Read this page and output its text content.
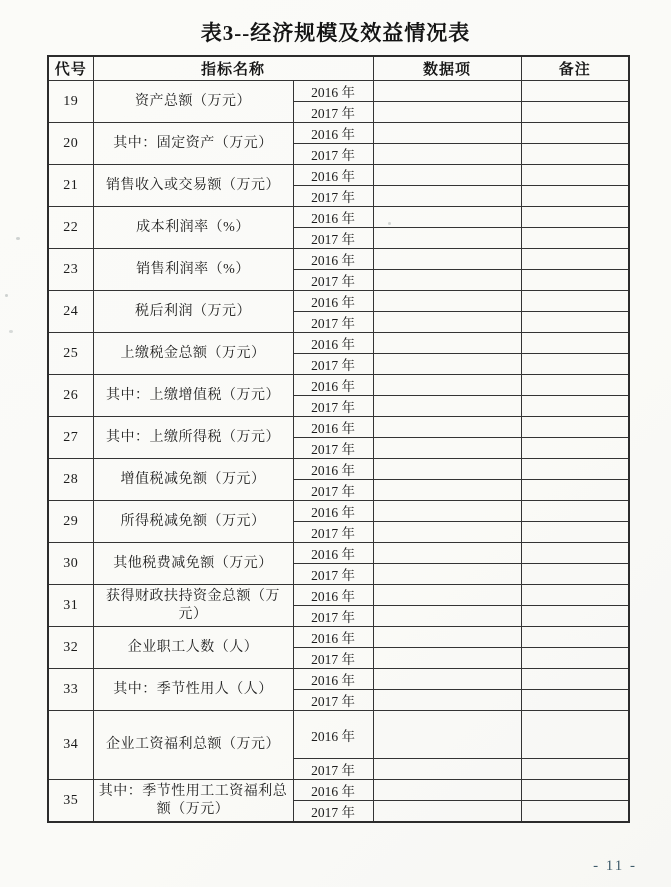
表3--经济规模及效益情况表
代号	指标名称		数据项	备注
19	资产总额（万元）	2016 年		
		2017 年		
20	其中：固定资产（万元）	2016 年		
		2017 年		
21	销售收入或交易额（万元）	2016 年		
		2017 年		
22	成本利润率（%）	2016 年		
		2017 年		
23	销售利润率（%）	2016 年		
		2017 年		
24	税后利润（万元）	2016 年		
		2017 年		
25	上缴税金总额（万元）	2016 年		
		2017 年		
26	其中：上缴增值税（万元）	2016 年		
		2017 年		
27	其中：上缴所得税（万元）	2016 年		
		2017 年		
28	增值税减免额（万元）	2016 年		
		2017 年		
29	所得税减免额（万元）	2016 年		
		2017 年		
30	其他税费减免额（万元）	2016 年		
		2017 年		
31	获得财政扶持资金总额（万元）	2016 年		
		2017 年		
32	企业职工人数（人）	2016 年		
		2017 年		
33	其中：季节性用人（人）	2016 年		
		2017 年		
34	企业工资福利总额（万元）	2016 年		
		2017 年		
35	其中：季节性用工工资福利总额（万元）	2016 年		
		2017 年		
- 11 -
